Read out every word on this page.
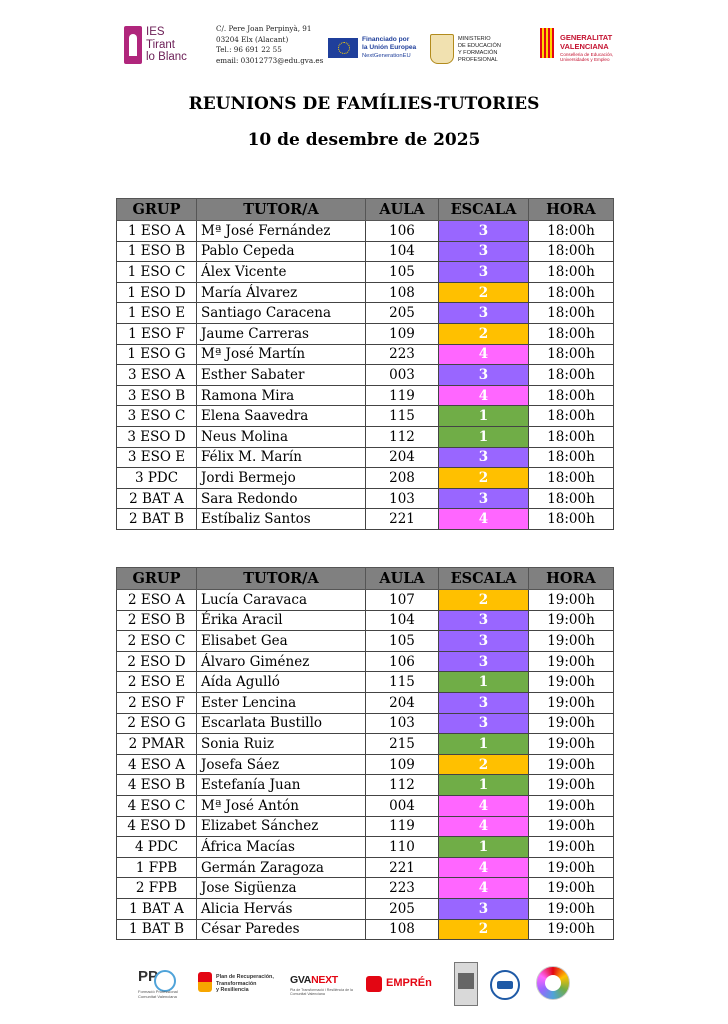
IES
Tirant
lo Blanc
C/. Pere Joan Perpinyà, 91
03204 Elx (Alacant)
Tel.: 96 691 22 55
email: 03012773@edu.gva.es
Financiado por
la Unión Europea
NextGenerationEU
MINISTERIO
DE EDUCACIÓN
Y FORMACIÓN PROFESIONAL
GENERALITAT
VALENCIANA
Conselleria de Educación,
Universidades y Empleo
REUNIONS DE FAMÍLIES-TUTORIES
10 de desembre de 2025
GRUP	TUTOR/A	AULA	ESCALA	HORA
1 ESO A	Mª José Fernández	106	3	18:00h
1 ESO B	Pablo Cepeda	104	3	18:00h
1 ESO C	Álex Vicente	105	3	18:00h
1 ESO D	María Álvarez	108	2	18:00h
1 ESO E	Santiago Caracena	205	3	18:00h
1 ESO F	Jaume Carreras	109	2	18:00h
1 ESO G	Mª José Martín	223	4	18:00h
3 ESO A	Esther Sabater	003	3	18:00h
3 ESO B	Ramona Mira	119	4	18:00h
3 ESO C	Elena Saavedra	115	1	18:00h
3 ESO D	Neus Molina	112	1	18:00h
3 ESO E	Félix M. Marín	204	3	18:00h
3 PDC	Jordi Bermejo	208	2	18:00h
2 BAT A	Sara Redondo	103	3	18:00h
2 BAT B	Estíbaliz Santos	221	4	18:00h
GRUP	TUTOR/A	AULA	ESCALA	HORA
2 ESO A	Lucía Caravaca	107	2	19:00h
2 ESO B	Érika Aracil	104	3	19:00h
2 ESO C	Elisabet Gea	105	3	19:00h
2 ESO D	Álvaro Giménez	106	3	19:00h
2 ESO E	Aída Agulló	115	1	19:00h
2 ESO F	Ester Lencina	204	3	19:00h
2 ESO G	Escarlata Bustillo	103	3	19:00h
2 PMAR	Sonia Ruiz	215	1	19:00h
4 ESO A	Josefa Sáez	109	2	19:00h
4 ESO B	Estefanía Juan	112	1	19:00h
4 ESO C	Mª José Antón	004	4	19:00h
4 ESO D	Elizabet Sánchez	119	4	19:00h
4 PDC	África Macías	110	1	19:00h
1 FPB	Germán Zaragoza	221	4	19:00h
2 FPB	Jose Sigüenza	223	4	19:00h
1 BAT A	Alicia Hervás	205	3	19:00h
1 BAT B	César Paredes	108	2	19:00h
PP
Formació Professional Comunitat Valenciana
Plan de Recuperación,
Transformación
y Resiliencia
GVANEXT
Pla de Transformació i Resiliència de la Comunitat Valenciana
EMPRÉn
